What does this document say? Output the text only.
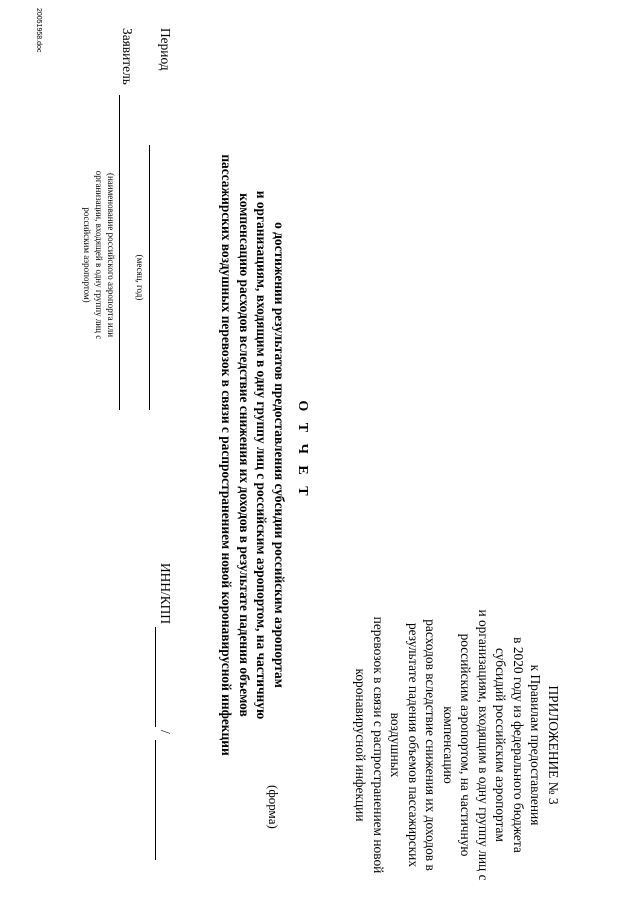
ПРИЛОЖЕНИЕ № 3
к Правилам предоставления
в 2020 году из федерального бюджета
субсидий российским аэропортам
и организациям, входящим в одну группу лиц с
российским аэропортом, на частичную компенсацию
расходов вследствие снижения их доходов в
результате падения объемов пассажирских воздушных
перевозок в связи с распространением новой
коронавирусной инфекции
(форма)
О Т Ч Е Т
о достижении результатов предоставления субсидии российским аэропортам
и организациям, входящим в одну группу лиц с российским аэропортом, на частичную
компенсацию расходов вследствие снижения их доходов в результате падения объемов
пассажирских воздушных перевозок в связи с распространением новой коронавирусной инфекции
Период
(месяц, год)
ИНН/КПП
/
Заявитель
(наименование российского аэропорта или
организации, входящей в одну группу лиц с
российским аэропортом)
20051958.doc
